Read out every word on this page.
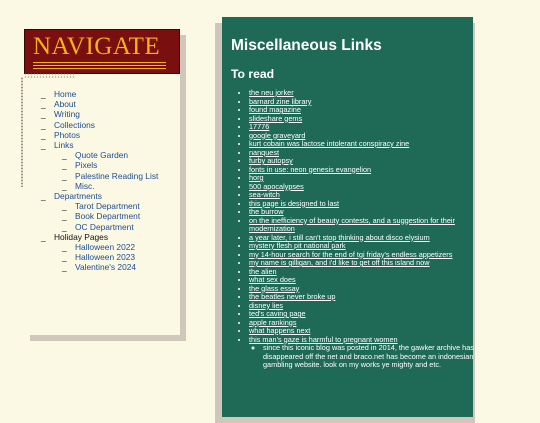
NAVIGATE
_ Home
_ About
_ Writing
_ Collections
_ Photos
_ Links
_ Quote Garden
_ Pixels
_ Palestine Reading List
_ Misc.
_ Departments
_ Tarot Department
_ Book Department
_ OC Department
_ Holiday Pages
_ Halloween 2022
_ Halloween 2023
_ Valentine's 2024
Miscellaneous Links
To read
• the neu jorker
• barnard zine library
• found magazine
• slideshare gems
• 17776
• google graveyard
• kurt cobain was lactose intolerant conspiracy zine
• nanquest
• furby autopsy
• fonts in use: neon genesis evangelion
• horg
• 500 apocalypses
• sea-witch
• this page is designed to last
• the burrow
• on the inefficiency of beauty contests, and a suggestion for their modernization
• a year later, i still can't stop thinking about disco elysium
• mystery flesh pit national park
• my 14-hour search for the end of tgi friday's endless appetizers
• my name is gilligan, and i'd like to get off this island now
• the alien
• what sex does
• the glass essay
• the beatles never broke up
• disney lies
• ted's caving page
• apple rankings
• what happens next
• this man's gaze is harmful to pregnant women
◦ since this iconic blog was posted in 2014, the gawker archive has disappeared off the net and braco.net has become an indonesian gambling website. look on my works ye mighty and etc.
